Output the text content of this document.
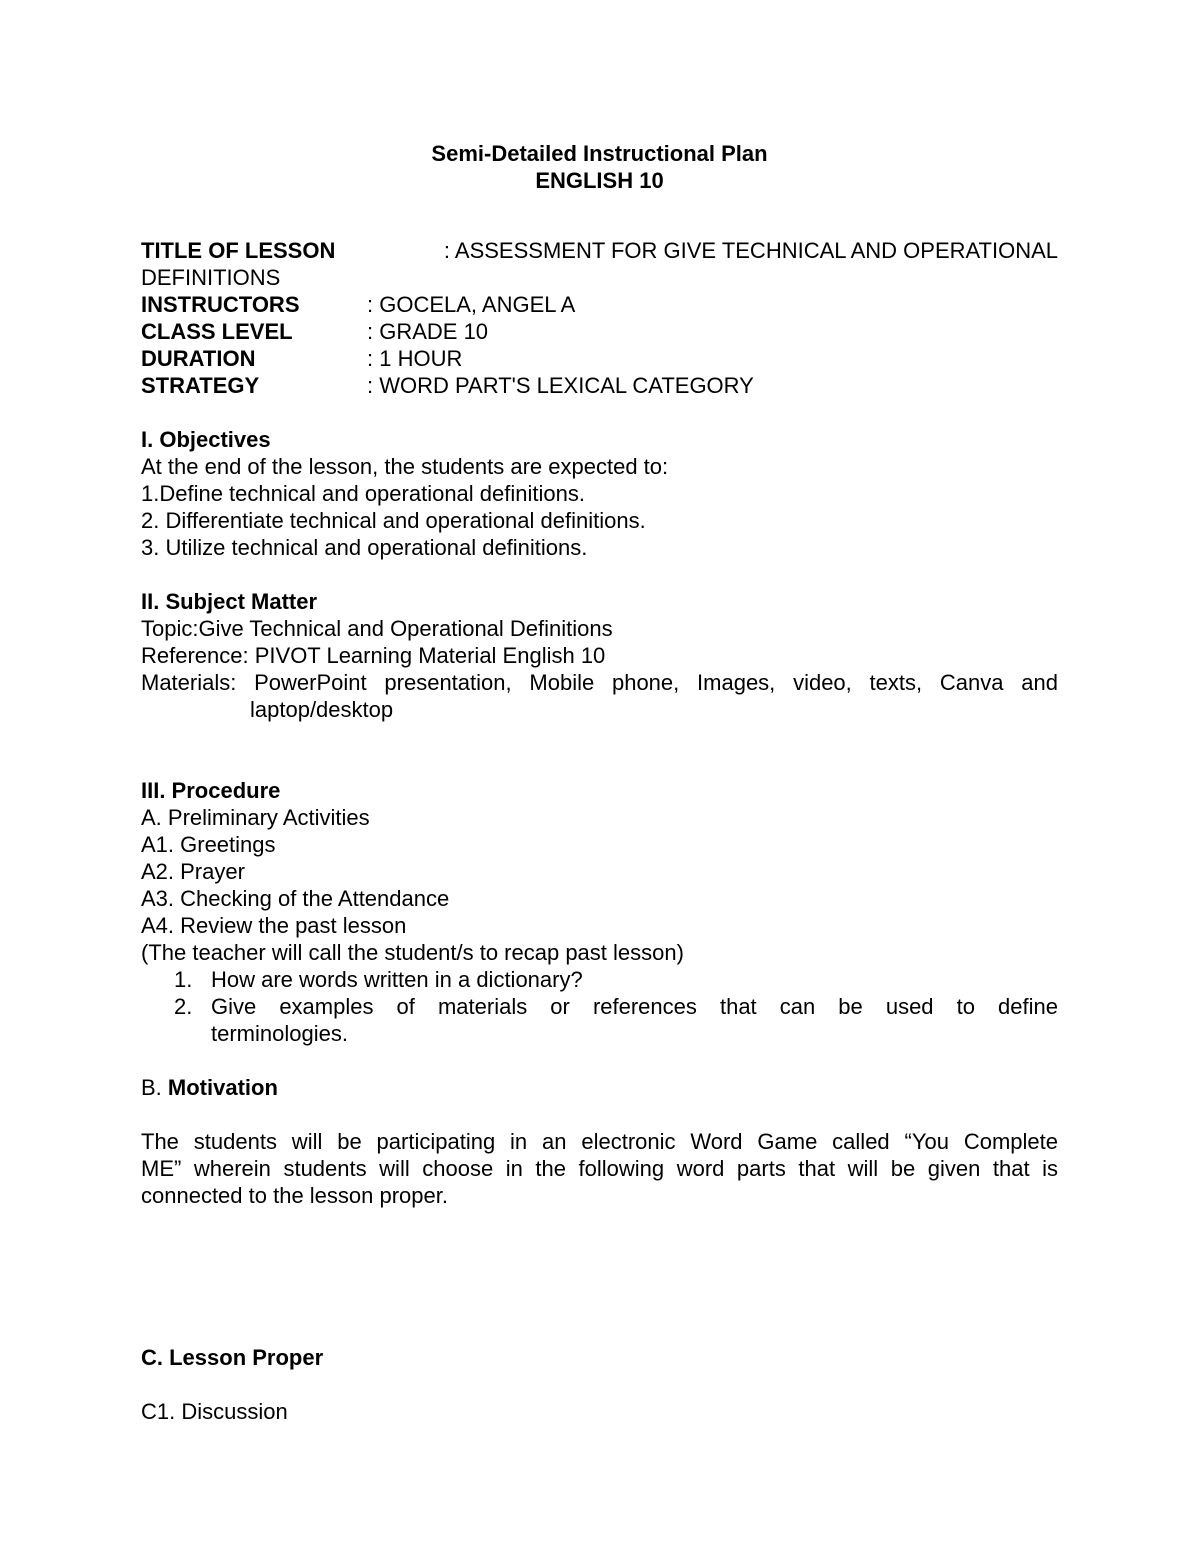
Semi-Detailed Instructional Plan

ENGLISH 10

TITLE OF LESSON	: ASSESSMENT FOR GIVE TECHNICAL AND OPERATIONAL

DEFINITIONS

INSTRUCTORS	: GOCELA, ANGEL A
CLASS LEVEL	: GRADE 10
DURATION	: 1 HOUR
STRATEGY	: WORD PART'S LEXICAL CATEGORY

I. Objectives

At the end of the lesson, the students are expected to:

1.Define technical and operational definitions.

2. Differentiate technical and operational definitions.

3. Utilize technical and operational definitions.

II. Subject Matter

Topic:Give Technical and Operational Definitions

Reference: PIVOT Learning Material English 10

Materials: PowerPoint presentation, Mobile phone, Images, video, texts, Canva and

laptop/desktop

III. Procedure

A. Preliminary Activities

A1. Greetings

A2. Prayer

A3. Checking of the Attendance

A4. Review the past lesson

(The teacher will call the student/s to recap past lesson)

1. How are words written in a dictionary?
2. Give examples of materials or references that can be used to define
terminologies.

B. Motivation

The students will be participating in an electronic Word Game called “You Complete

ME” wherein students will choose in the following word parts that will be given that is

connected to the lesson proper.

C. Lesson Proper

C1. Discussion
